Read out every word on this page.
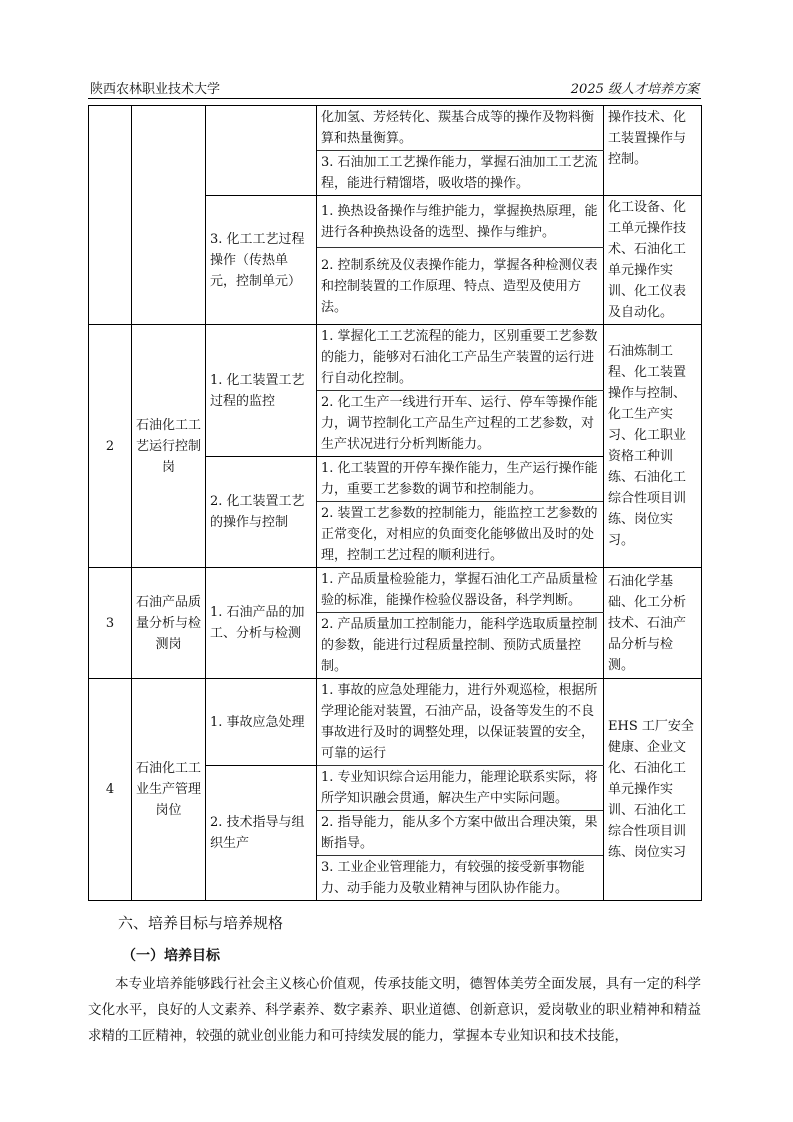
陕西农林职业技术大学	2025 级人才培养方案
			化加氢、芳烃转化、羰基合成等的操作及物料衡算和热量衡算。	操作技术、化工装置操作与控制。
			3. 石油加工工艺操作能力，掌握石油加工工艺流程，能进行精馏塔，吸收塔的操作。	
		3. 化工工艺过程操作（传热单元，控制单元）	1. 换热设备操作与维护能力，掌握换热原理，能进行各种换热设备的选型、操作与维护。	化工设备、化工单元操作技术、石油化工单元操作实训、化工仪表及自动化。
			2. 控制系统及仪表操作能力，掌握各种检测仪表和控制装置的工作原理、特点、造型及使用方法。	
2	石油化工工艺运行控制岗	1. 化工装置工艺过程的监控	1. 掌握化工工艺流程的能力，区别重要工艺参数的能力，能够对石油化工产品生产装置的运行进行自动化控制。	石油炼制工程、化工装置操作与控制、化工生产实习、化工职业资格工种训练、石油化工综合性项目训练、岗位实习。
			2. 化工生产一线进行开车、运行、停车等操作能力，调节控制化工产品生产过程的工艺参数，对生产状况进行分析判断能力。	
		2. 化工装置工艺的操作与控制	1. 化工装置的开停车操作能力，生产运行操作能力，重要工艺参数的调节和控制能力。	
			2. 装置工艺参数的控制能力，能监控工艺参数的正常变化，对相应的负面变化能够做出及时的处理，控制工艺过程的顺利进行。	
3	石油产品质量分析与检测岗	1. 石油产品的加工、分析与检测	1. 产品质量检验能力，掌握石油化工产品质量检验的标准，能操作检验仪器设备，科学判断。	石油化学基础、化工分析技术、石油产品分析与检测。
			2. 产品质量加工控制能力，能科学选取质量控制的参数，能进行过程质量控制、预防式质量控制。	
4	石油化工工业生产管理岗位	1. 事故应急处理	1. 事故的应急处理能力，进行外观巡检，根据所学理论能对装置，石油产品，设备等发生的不良事故进行及时的调整处理，以保证装置的安全，可靠的运行	EHS 工厂安全健康、企业文化、石油化工单元操作实训、石油化工综合性项目训练、岗位实习
		2. 技术指导与组织生产	1. 专业知识综合运用能力，能理论联系实际，将所学知识融会贯通，解决生产中实际问题。	
			2. 指导能力，能从多个方案中做出合理决策，果断指导。	
			3. 工业企业管理能力，有较强的接受新事物能力、动手能力及敬业精神与团队协作能力。	
六、培养目标与培养规格
（一）培养目标
本专业培养能够践行社会主义核心价值观，传承技能文明，德智体美劳全面发展，具有一定的科学文化水平，良好的人文素养、科学素养、数字素养、职业道德、创新意识，爱岗敬业的职业精神和精益求精的工匠精神，较强的就业创业能力和可持续发展的能力，掌握本专业知识和技术技能，
